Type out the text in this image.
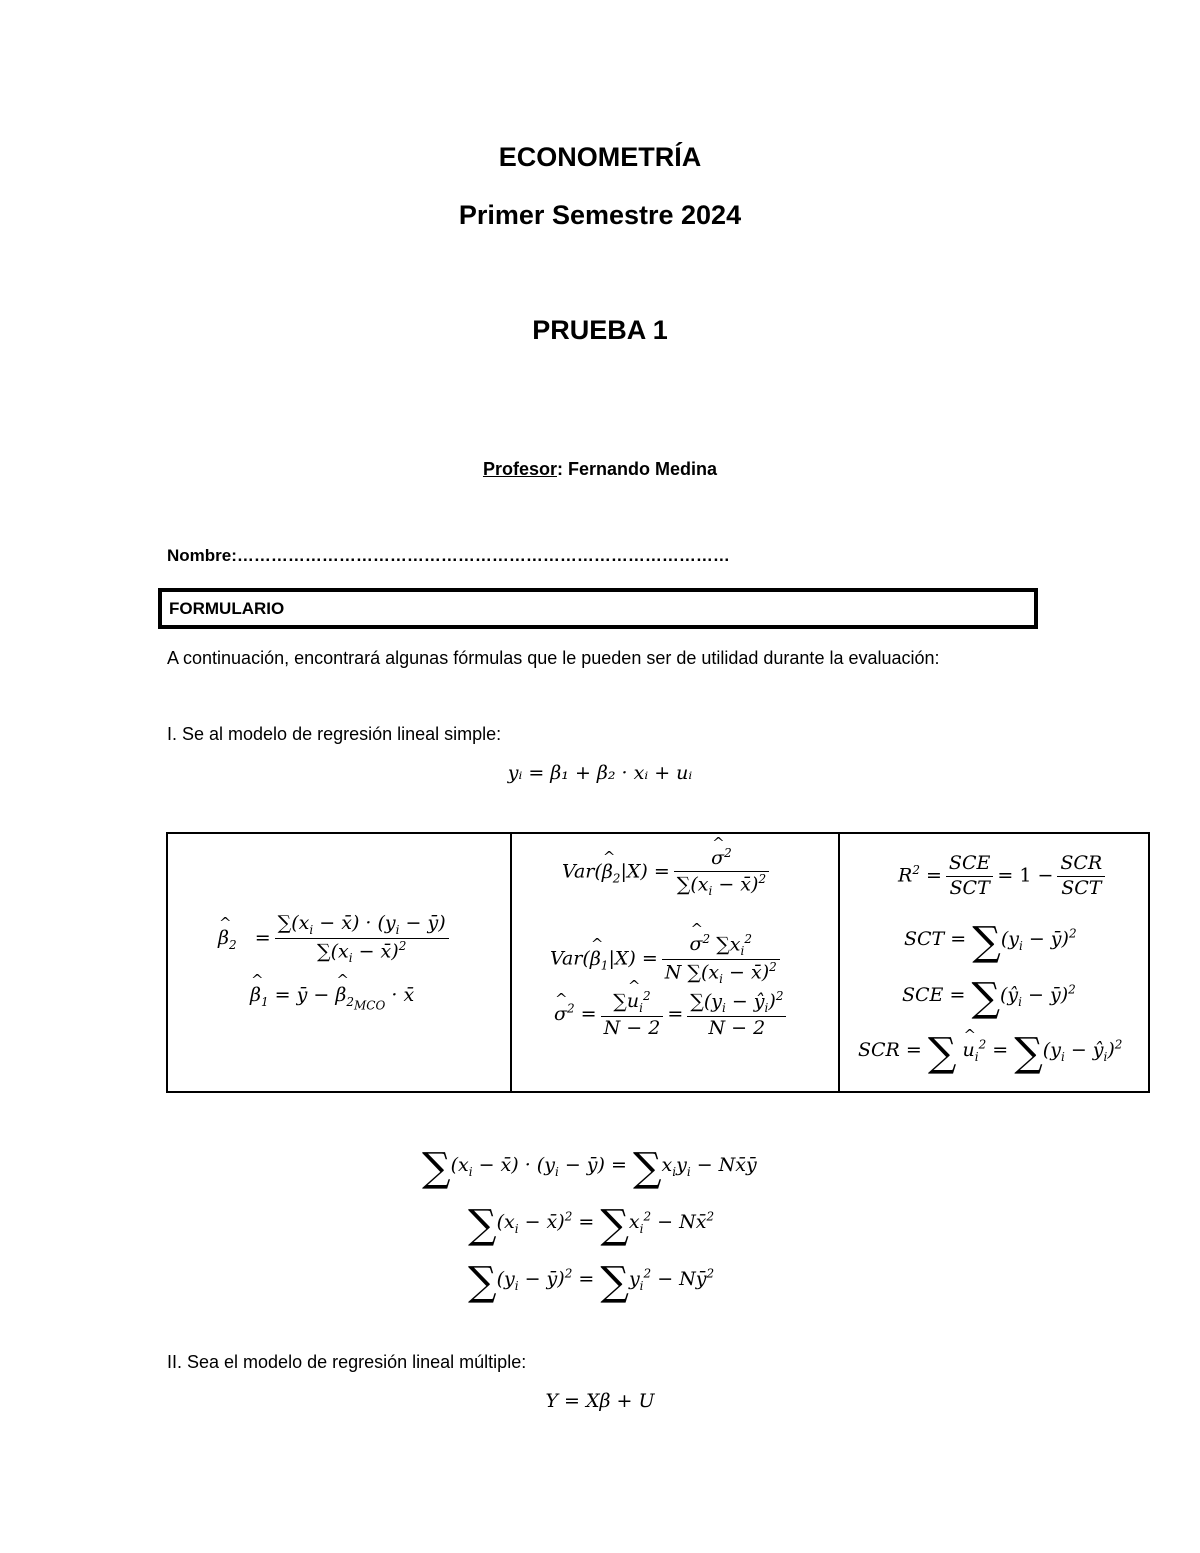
ECONOMETRÍA
Primer Semestre 2024
PRUEBA 1
Profesor: Fernando Medina
Nombre:……………………………………………………………………………
FORMULARIO
A continuación, encontrará algunas fórmulas que le pueden ser de utilidad durante la evaluación:
I. Se al modelo de regresión lineal simple:
yᵢ = β₁ + β₂ · xᵢ + uᵢ
^ $\beta_2 = \frac{\sum(x_i - x̄) \cdot (y_i - ȳ)}{\sum(x_i - x̄)^2}$
^ $\beta_1$ = ȳ − ^ $\beta_{2_{MCO}}$ · x̄
Var(^ $\beta_2|X$) = ^ $\frac{\sigma^2}{\sum(x_i - x̄)^2}$
Var(^ $\beta_1|X$) = ^ $\frac{\sigma^2 \sum x_i^2}{N \sum(x_i - x̄)^2}$
^ $\sigma^2 = \frac{\sum\^{} u_i^2}{N - 2} = \frac{\sum(y_i - ŷ_i)^2}{N - 2}$
$R^2 = \frac{\text{SCE}}{\text{SCT}} = 1 - \frac{\text{SCR}}{\text{SCT}}$
SCT = $\sum(y_i$ − ȳ)$^2$
SCE = $\sum(ŷ_i$ − ȳ)$^2$
SCR = ∑ ^ $u_i^2 = \sum(y_i$ − $ŷ_i)^2$
$\sum(x_i$ − x̄) · ($y_i$ − ȳ) = $\sum x_iy_i$ − Nx̄ȳ
$\sum(x_i$ − x̄)$^2$ = $\sum x_i^2$ − Nx̄$^2$
$\sum(y_i$ − ȳ)$^2$ = $\sum y_i^2$ − $Nȳ^2$
II. Sea el modelo de regresión lineal múltiple:
Y = Xβ + U
